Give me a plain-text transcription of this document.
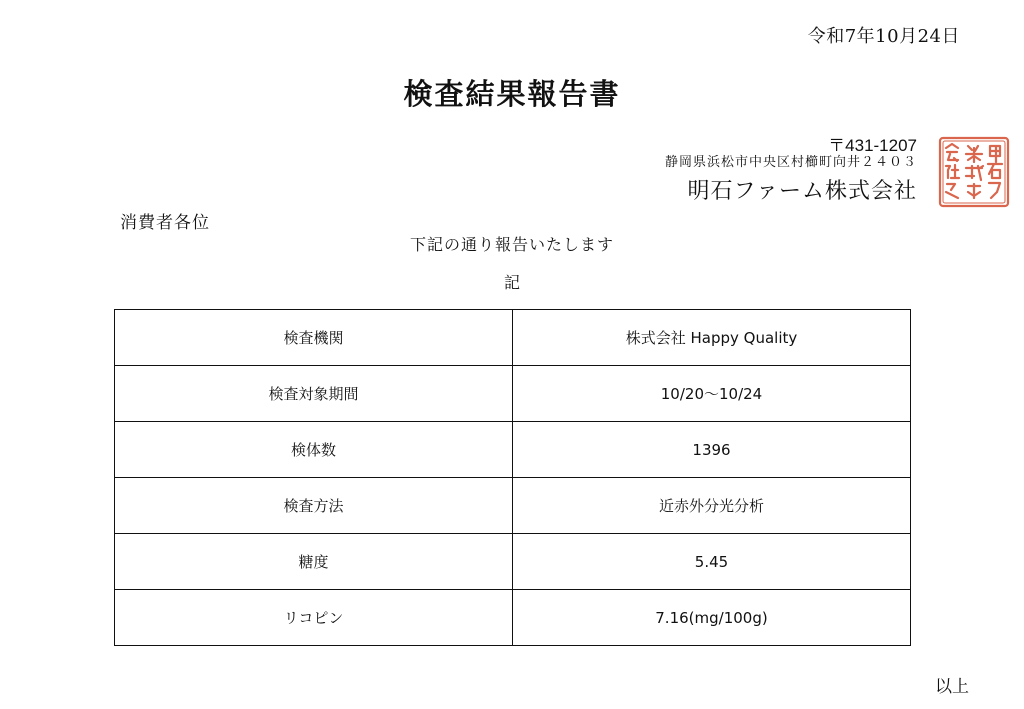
令和7年10月24日
検査結果報告書
〒431-1207
静岡県浜松市中央区村櫛町向井２４０３
明石ファーム株式会社
消費者各位
下記の通り報告いたします
記
検査機関	株式会社 Happy Quality
検査対象期間	10/20～10/24
検体数	1396
検査方法	近赤外分光分析
糖度	5.45
リコピン	7.16(mg/100g)
以上
